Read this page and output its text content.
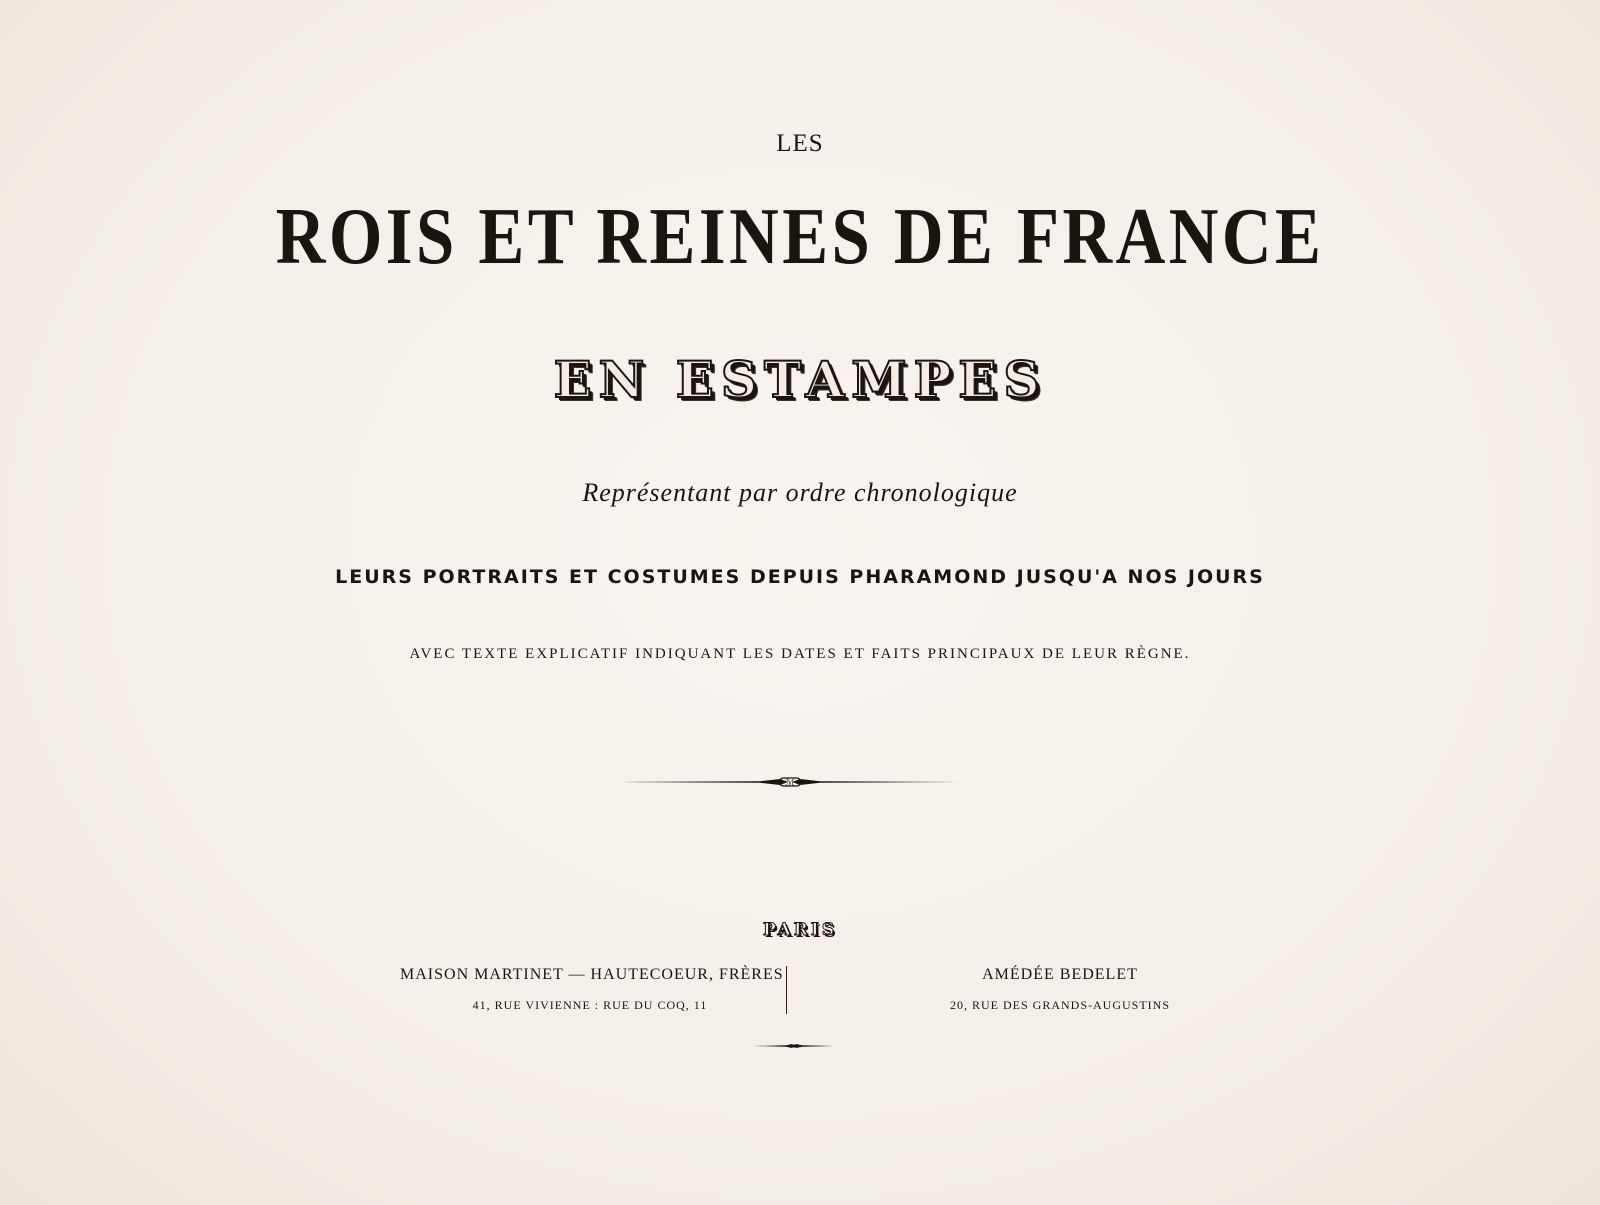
LES
ROIS ET REINES DE FRANCE
EN ESTAMPES
Représentant par ordre chronologique
LEURS PORTRAITS ET COSTUMES DEPUIS PHARAMOND JUSQU'A NOS JOURS
AVEC TEXTE EXPLICATIF INDIQUANT LES DATES ET FAITS PRINCIPAUX DE LEUR RÈGNE.
ℳ
PARIS
MAISON MARTINET — HAUTECOEUR, FRÈRES
41, RUE VIVIENNE : RUE DU COQ, 11
AMÉDÉE BEDELET
20, RUE DES GRANDS-AUGUSTINS
